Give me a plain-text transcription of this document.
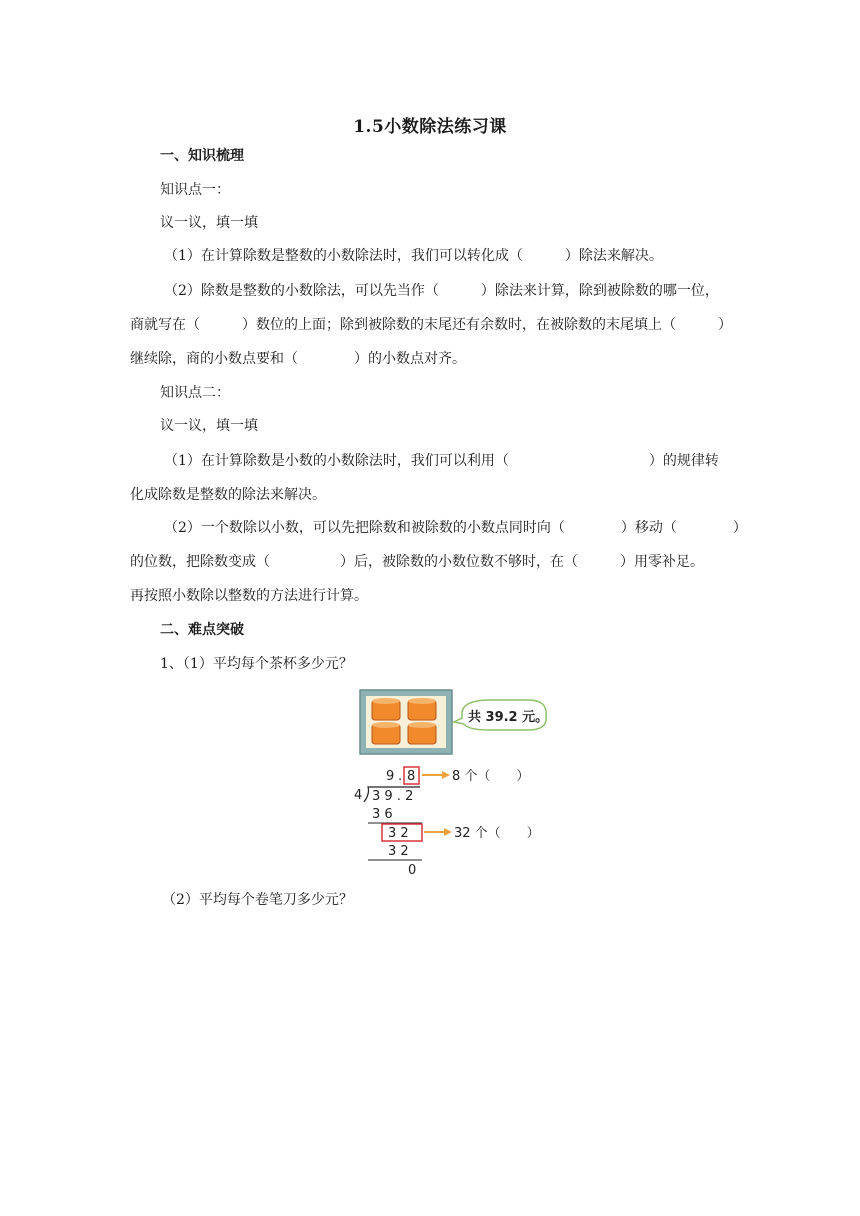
1.5小数除法练习课
一、知识梳理
知识点一：
议一议，填一填
（1）在计算除数是整数的小数除法时，我们可以转化成（　　　）除法来解决。
（2）除数是整数的小数除法，可以先当作（　　　）除法来计算，除到被除数的哪一位，
商就写在（　　　）数位的上面；除到被除数的末尾还有余数时，在被除数的末尾填上（　　　）
继续除，商的小数点要和（　　　　）的小数点对齐。
知识点二：
议一议，填一填
（1）在计算除数是小数的小数除法时，我们可以利用（　　　　　　　　　　）的规律转
化成除数是整数的除法来解决。
（2）一个数除以小数，可以先把除数和被除数的小数点同时向（　　　　）移动（　　　　）
的位数，把除数变成（　　　　　）后，被除数的小数位数不够时，在（　　　）用零补足。
再按照小数除以整数的方法进行计算。
二、难点突破
1、（1）平均每个茶杯多少元？
共 39.2 元。
9 . 8	8 个（　　）
4 3 9 . 2
3 6
3 2	32 个（　　）
3 2
0
（2）平均每个卷笔刀多少元？
